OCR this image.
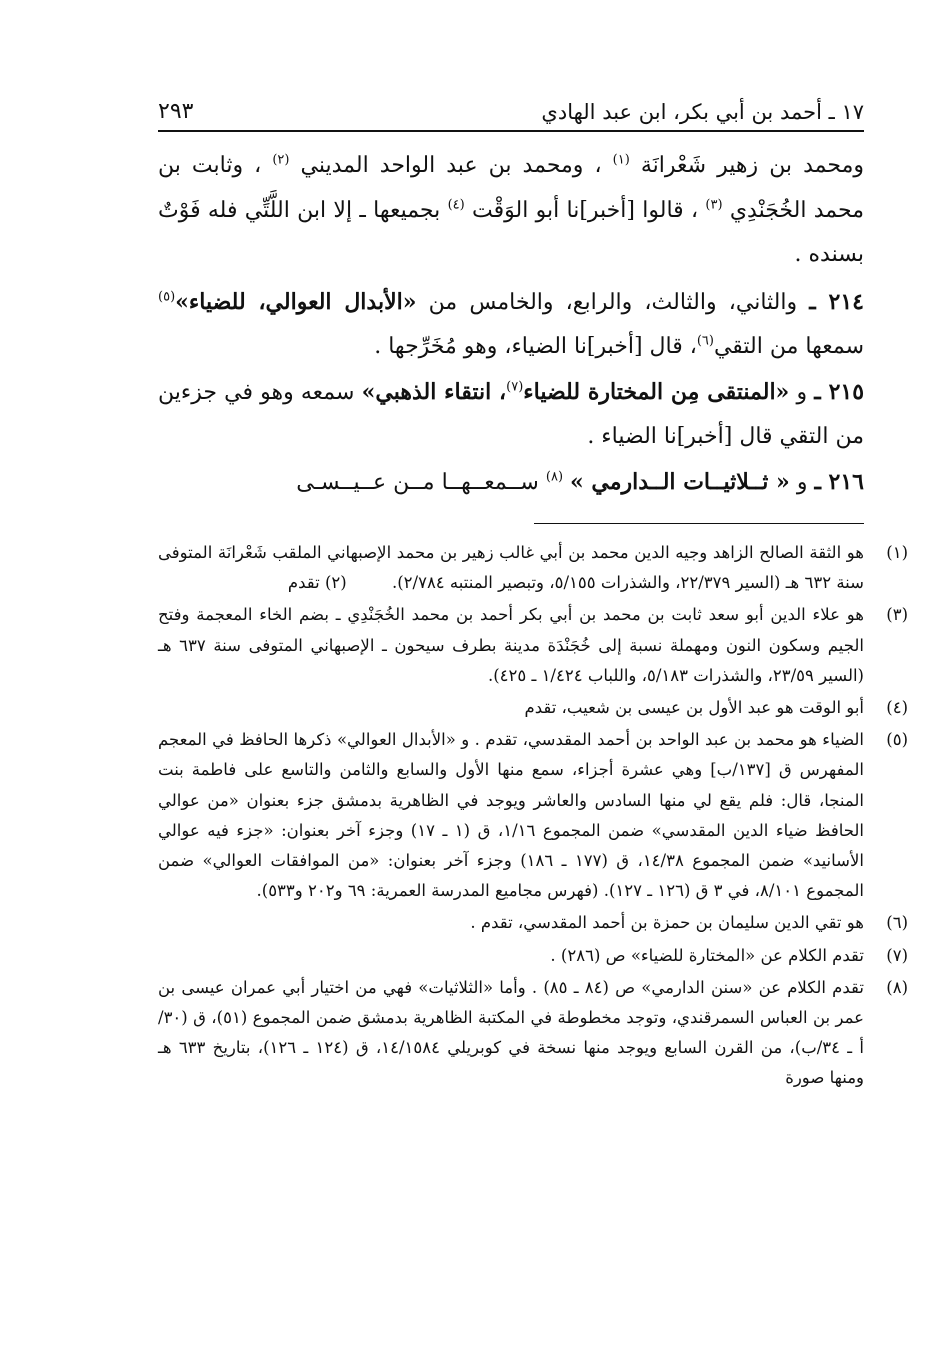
١٧ ـ أحمد بن أبي بكر، ابن عبد الهادي
٢٩٣

ومحمد بن زهير شَعْرانَة $^{(١)}$ ، ومحمد بن عبد الواحد المديني $^{(٢)}$ ، وثابت بن محمد الخُجَنْدِي $^{(٣)}$ ، قالوا [أخبر]نا أبو الوَقْت $^{(٤)}$ بجميعها ـ إلا ابن اللَّتِّي فله فَوْتٌ بسنده .

٢١٤ ـ والثاني، والثالث، والرابع، والخامس من «الأبدال العوالي، للضياء»$^{(٥)}$ سمعها من التقي$^{(٦)}$، قال [أخبر]نا الضياء، وهو مُخَرِّجها .

٢١٥ ـ و «المنتقى مِن المختارة للضياء$^{(٧)}$، انتقاء الذهبي» سمعه وهو في جزءين من التقي قال [أخبر]نا الضياء .

٢١٦ ـ و « ثــلاثيــات الــدارمي » $^{(٨)}$ ســمعــهــا مــن عــيــسـى

(١)
هو الثقة الصالح الزاهد وجيه الدين محمد بن أبي غالب زهير بن محمد الإصبهاني الملقب شَعْرانَة المتوفى سنة ٦٣٢ هـ (السير ٢٢/٣٧٩، والشذرات ٥/١٥٥، وتبصير المنتبه ٢/٧٨٤). (٢) تقدم
(٣)
هو علاء الدين أبو سعد ثابت بن محمد بن أبي بكر أحمد بن محمد الخُجَنْدِي ـ بضم الخاء المعجمة وفتح الجيم وسكون النون ومهملة نسبة إلى خُجَنْدَة مدينة بطرف سيحون ـ الإصبهاني المتوفى سنة ٦٣٧ هـ (السير ٢٣/٥٩، والشذرات ٥/١٨٣، واللباب ١/٤٢٤ ـ ٤٢٥).
(٤)
أبو الوقت هو عبد الأول بن عيسى بن شعيب، تقدم
(٥)
الضياء هو محمد بن عبد الواحد بن أحمد المقدسي، تقدم . و «الأبدال العوالي» ذكرها الحافظ في المعجم المفهرس ق [١٣٧/ب] وهي عشرة أجزاء، سمع منها الأول والسابع والثامن والتاسع على فاطمة بنت المنجا، قال: فلم يقع لي منها السادس والعاشر ويوجد في الظاهرية بدمشق جزء بعنوان «من عوالي الحافظ ضياء الدين المقدسي» ضمن المجموع ١/١٦، ق (١ ـ ١٧) وجزء آخر بعنوان: «جزء فيه عوالي الأسانيد» ضمن المجموع ١٤/٣٨، ق (١٧٧ ـ ١٨٦) وجزء آخر بعنوان: «من الموافقات العوالي» ضمن المجموع ٨/١٠١، في ٣ ق (١٢٦ ـ ١٢٧). (فهرس مجاميع المدرسة العمرية: ٦٩ و٢٠٢ و٥٣٣).
(٦)
هو تقي الدين سليمان بن حمزة بن أحمد المقدسي، تقدم .
(٧)
تقدم الكلام عن «المختارة للضياء» ص (٢٨٦) .
(٨)
تقدم الكلام عن «سنن الدارمي» ص (٨٤ ـ ٨٥) . وأما «الثلاثيات» فهي من اختيار أبي عمران عيسى بن عمر بن العباس السمرقندي، وتوجد مخطوطة في المكتبة الظاهرية بدمشق ضمن المجموع (٥١)، ق (٣٠/أ ـ ٣٤/ب)، من القرن السابع ويوجد منها نسخة في كوبريلي ١٤/١٥٨٤، ق (١٢٤ ـ ١٢٦)، بتاريخ ٦٣٣ هـ ومنها صورة
